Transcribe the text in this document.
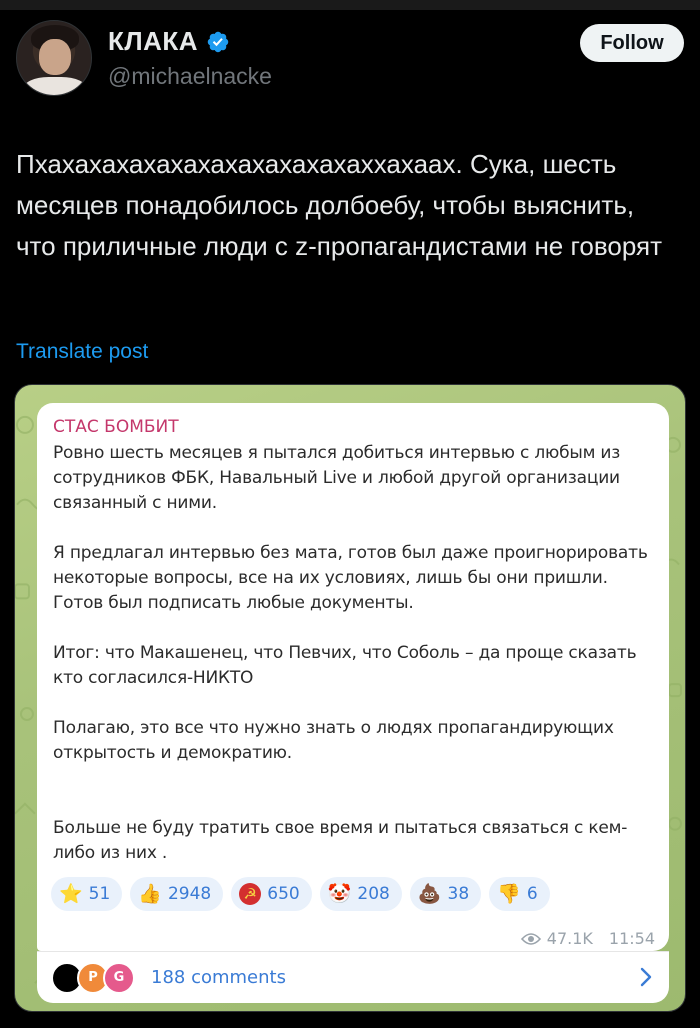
КЛАКА
@michaelnacke
Follow
Пхахахахахахахахахахахахаххахаах. Сука, шесть месяцев понадобилось долбоебу, чтобы выяснить, что приличные люди с z-пропагандистами не говорят
Translate post
СТАС БОМБИТ

Ровно шесть месяцев я пытался добиться интервью с любым из сотрудников ФБК, Навальный Live и любой другой организации связанный с ними.

Я предлагал интервью без мата, готов был даже проигнорировать некоторые вопросы, все на их условиях, лишь бы они пришли. Готов был подписать любые документы.

Итог: что Макашенец, что Певчих, что Соболь – да проще сказать кто согласился-НИКТО

Полагаю, это все что нужно знать о людях пропагандирующих открытость и демократию.

Больше не буду тратить свое время и пытаться связаться с кем-либо из них .

⭐ 51 👍 2948 ☭ 650 🤡 208 💩 38 👎 6
47.1K 11:54
P	G	188 comments
